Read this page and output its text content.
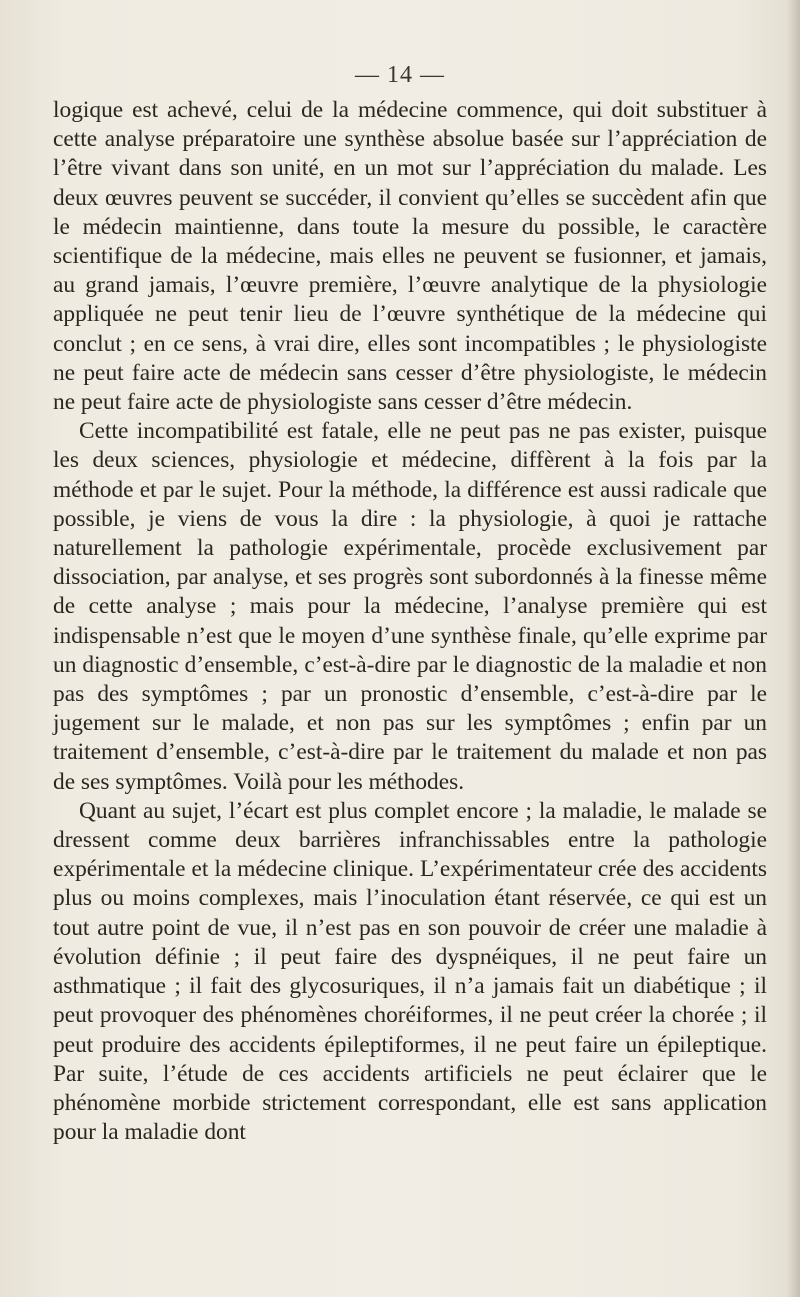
— 14 —

logique est achevé, celui de la médecine commence, qui doit substituer à cette analyse préparatoire une synthèse absolue basée sur l’appréciation de l’être vivant dans son unité, en un mot sur l’appréciation du malade. Les deux œuvres peuvent se succéder, il convient qu’elles se succèdent afin que le médecin maintienne, dans toute la mesure du possible, le caractère scientifique de la médecine, mais elles ne peuvent se fusionner, et jamais, au grand jamais, l’œuvre première, l’œuvre analytique de la physiologie appliquée ne peut tenir lieu de l’œuvre synthétique de la médecine qui conclut ; en ce sens, à vrai dire, elles sont incompatibles ; le physiologiste ne peut faire acte de médecin sans cesser d’être physiologiste, le médecin ne peut faire acte de physiologiste sans cesser d’être médecin.

Cette incompatibilité est fatale, elle ne peut pas ne pas exister, puisque les deux sciences, physiologie et médecine, diffèrent à la fois par la méthode et par le sujet. Pour la méthode, la différence est aussi radicale que possible, je viens de vous la dire : la physiologie, à quoi je rattache naturellement la pathologie expérimentale, procède exclusivement par dissociation, par analyse, et ses progrès sont subordonnés à la finesse même de cette analyse ; mais pour la médecine, l’analyse première qui est indispensable n’est que le moyen d’une synthèse finale, qu’elle exprime par un diagnostic d’ensemble, c’est-à-dire par le diagnostic de la maladie et non pas des symptômes ; par un pronostic d’ensemble, c’est-à-dire par le jugement sur le malade, et non pas sur les symptômes ; enfin par un traitement d’ensemble, c’est-à-dire par le traitement du malade et non pas de ses symptômes. Voilà pour les méthodes.

Quant au sujet, l’écart est plus complet encore ; la maladie, le malade se dressent comme deux barrières infranchissables entre la pathologie expérimentale et la médecine clinique. L’expérimentateur crée des accidents plus ou moins complexes, mais l’inoculation étant réservée, ce qui est un tout autre point de vue, il n’est pas en son pouvoir de créer une maladie à évolution définie ; il peut faire des dyspnéiques, il ne peut faire un asthmatique ; il fait des glycosuriques, il n’a jamais fait un diabétique ; il peut provoquer des phénomènes choréiformes, il ne peut créer la chorée ; il peut produire des accidents épileptiformes, il ne peut faire un épileptique. Par suite, l’étude de ces accidents artificiels ne peut éclairer que le phénomène morbide strictement correspondant, elle est sans application pour la maladie dont
